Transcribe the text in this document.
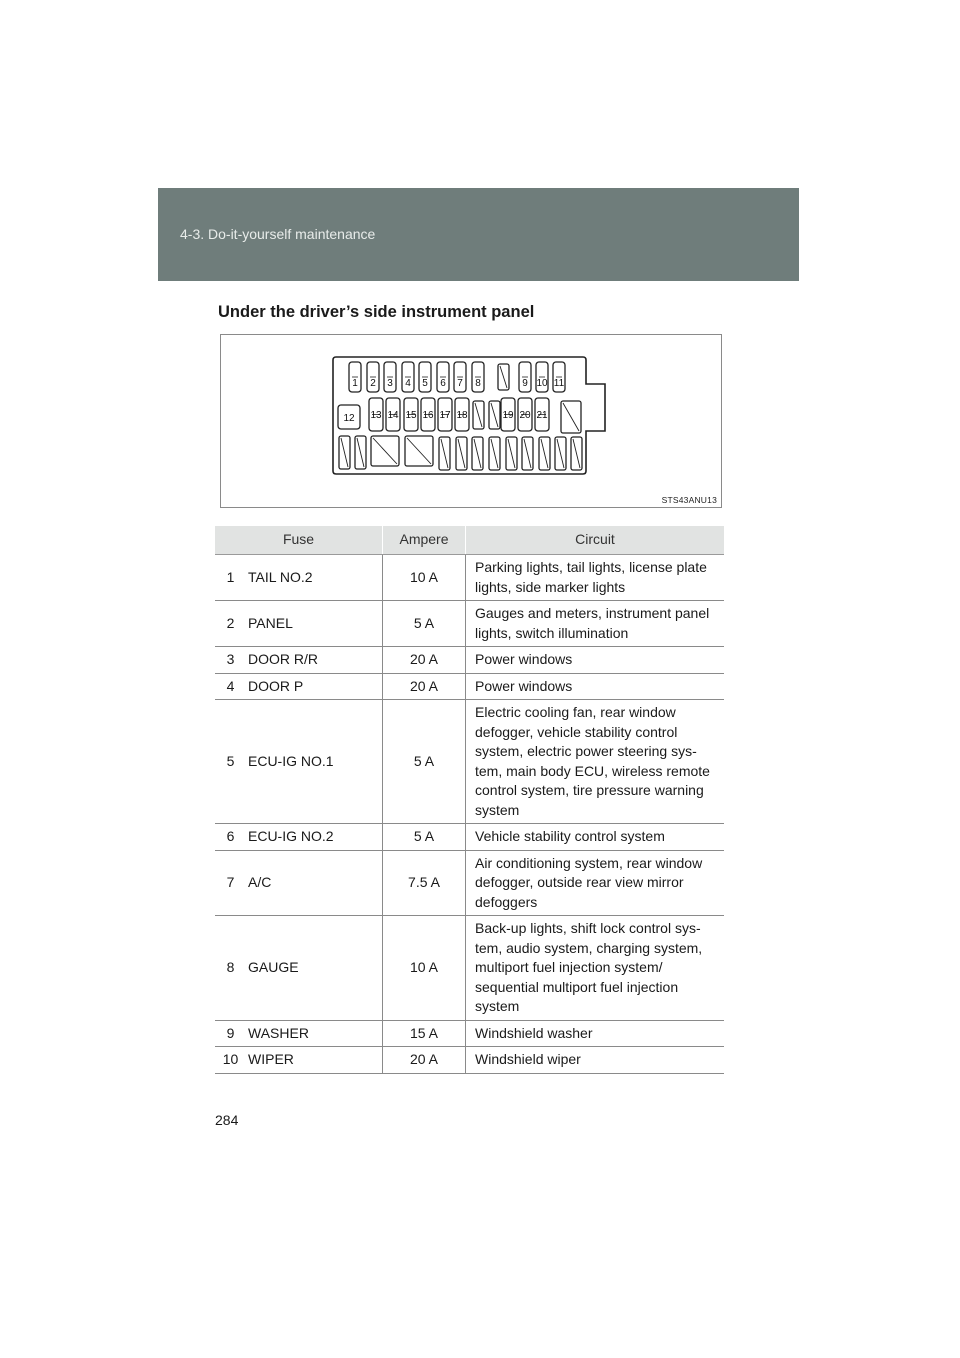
4-3. Do-it-yourself maintenance
Under the driver’s side instrument panel
1 2 3 4 5 6 7 8	9 10 11
12 13 14 15 16 17 18	19 20 21
STS43ANU13
Fuse		Ampere	Circuit
1	TAIL NO.2	10 A	Parking lights, tail lights, license plate lights, side marker lights
2	PANEL	5 A	Gauges and meters, instrument panel lights, switch illumination
3	DOOR R/R	20 A	Power windows
4	DOOR P	20 A	Power windows
5	ECU-IG NO.1	5 A	Electric cooling fan, rear window defogger, vehicle stability control system, electric power steering sys-tem, main body ECU, wireless remote control system, tire pressure warning system
6	ECU-IG NO.2	5 A	Vehicle stability control system
7	A/C	7.5 A	Air conditioning system, rear window defogger, outside rear view mirror defoggers
8	GAUGE	10 A	Back-up lights, shift lock control sys-tem, audio system, charging system, multiport fuel injection system/ sequential multiport fuel injection system
9	WASHER	15 A	Windshield washer
10	WIPER	20 A	Windshield wiper
284
